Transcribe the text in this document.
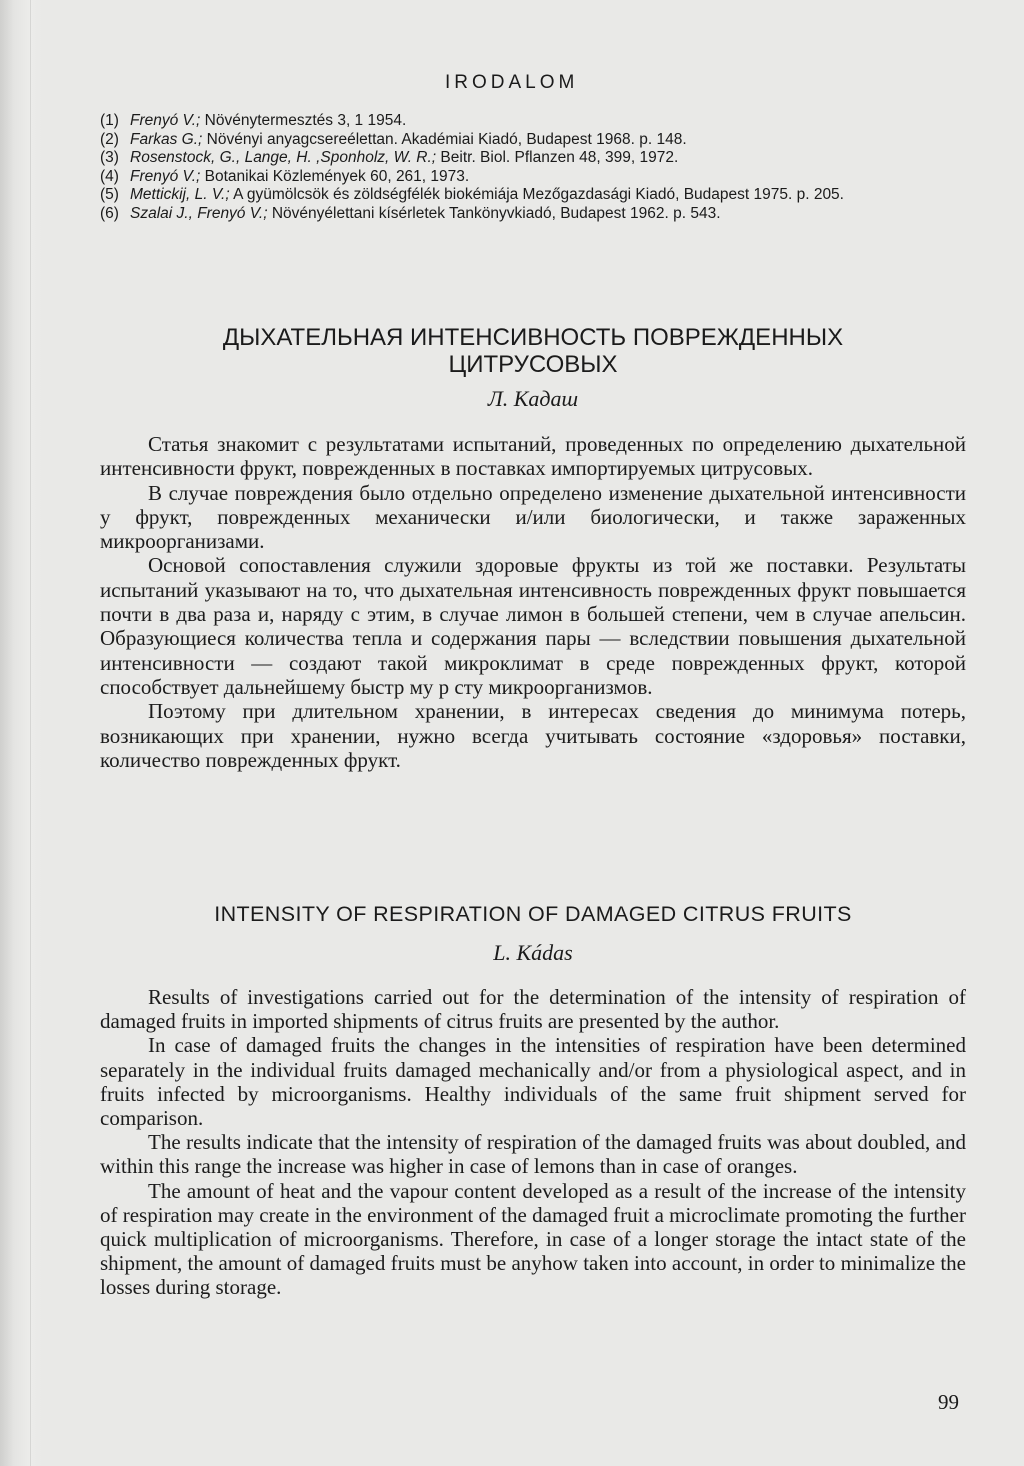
IRODALOM
(1) Frenyó V.; Növénytermesztés 3, 1 1954.
(2) Farkas G.; Növényi anyagcsereélettan. Akadémiai Kiadó, Budapest 1968. p. 148.
(3) Rosenstock, G., Lange, H. ,Sponholz, W. R.; Beitr. Biol. Pflanzen 48, 399, 1972.
(4) Frenyó V.; Botanikai Közlemények 60, 261, 1973.
(5) Mettickij, L. V.; A gyümölcsök és zöldségfélék biokémiája Mezőgazdasági Kiadó, Budapest 1975. p. 205.
(6) Szalai J., Frenyó V.; Növényélettani kísérletek Tankönyvkiadó, Budapest 1962. p. 543.
ДЫХАТЕЛЬНАЯ ИНТЕНСИВНОСТЬ ПОВРЕЖДЕННЫХ
ЦИТРУСОВЫХ
Л. Кадаш

Статья знакомит с результатами испытаний, проведенных по определению дыхательной интенсивности фрукт, поврежденных в поставках импортируемых цитрусовых.

В случае повреждения было отдельно определено изменение дыхательной интенсивности у фрукт, поврежденных механически и/или биологически, и также зараженных микроорганизами.

Основой сопоставления служили здоровые фрукты из той же поставки. Результаты испытаний указывают на то, что дыхательная интенсивность поврежденных фрукт повышается почти в два раза и, наряду с этим, в случае лимон в большей степени, чем в случае апельсин. Образующиеся количества тепла и содержания пары — вследствии повышения дыхательной интенсивности — создают такой микроклимат в среде поврежденных фрукт, которой способствует дальнейшему быстр му р сту микроорганизмов.

Поэтому при длительном хранении, в интересах сведения до минимума потерь, возникающих при хранении, нужно всегда учитывать состояние «здоровья» поставки, количество поврежденных фрукт.

INTENSITY OF RESPIRATION OF DAMAGED CITRUS FRUITS
L. Kádas

Results of investigations carried out for the determination of the intensity of respiration of damaged fruits in imported shipments of citrus fruits are presented by the author.

In case of damaged fruits the changes in the intensities of respiration have been determined separately in the individual fruits damaged mechanically and/or from a physiological aspect, and in fruits infected by microorganisms. Healthy individuals of the same fruit shipment served for comparison.

The results indicate that the intensity of respiration of the damaged fruits was about doubled, and within this range the increase was higher in case of lemons than in case of oranges.

The amount of heat and the vapour content developed as a result of the increase of the intensity of respiration may create in the environment of the damaged fruit a microclimate promoting the further quick multiplication of microorganisms. Therefore, in case of a longer storage the intact state of the shipment, the amount of damaged fruits must be anyhow taken into account, in order to minimalize the losses during storage.

99
